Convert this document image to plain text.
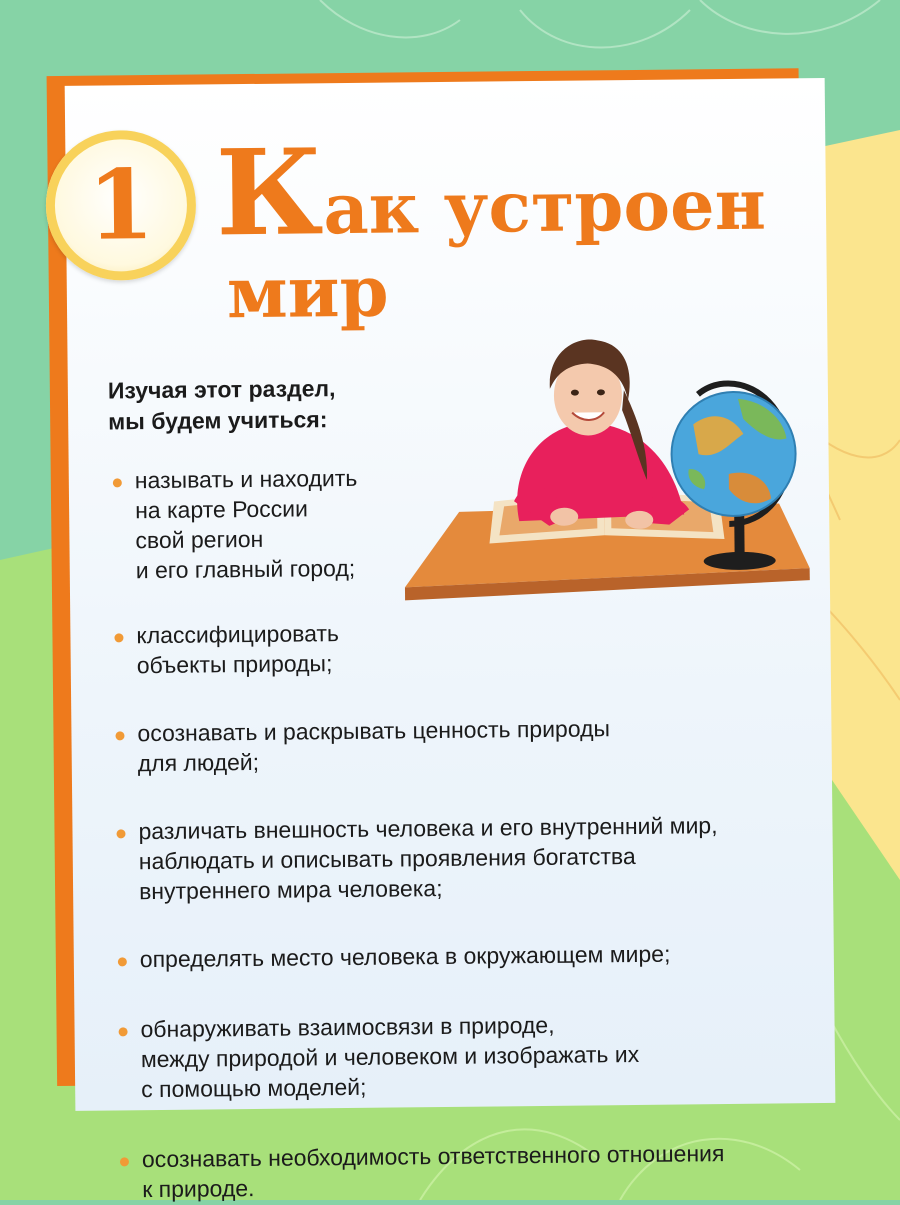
1 Как устроен
мир
Изучая этот раздел,
мы будем учиться:
называть и находить
на карте России
свой регион
и его главный город;
классифицировать
объекты природы;
осознавать и раскрывать ценность природы
для людей;
различать внешность человека и его внутренний мир,
наблюдать и описывать проявления богатства
внутреннего мира человека;
определять место человека в окружающем мире;
обнаруживать взаимосвязи в природе,
между природой и человеком и изображать их
с помощью моделей;
осознавать необходимость ответственного отношения
к природе.
